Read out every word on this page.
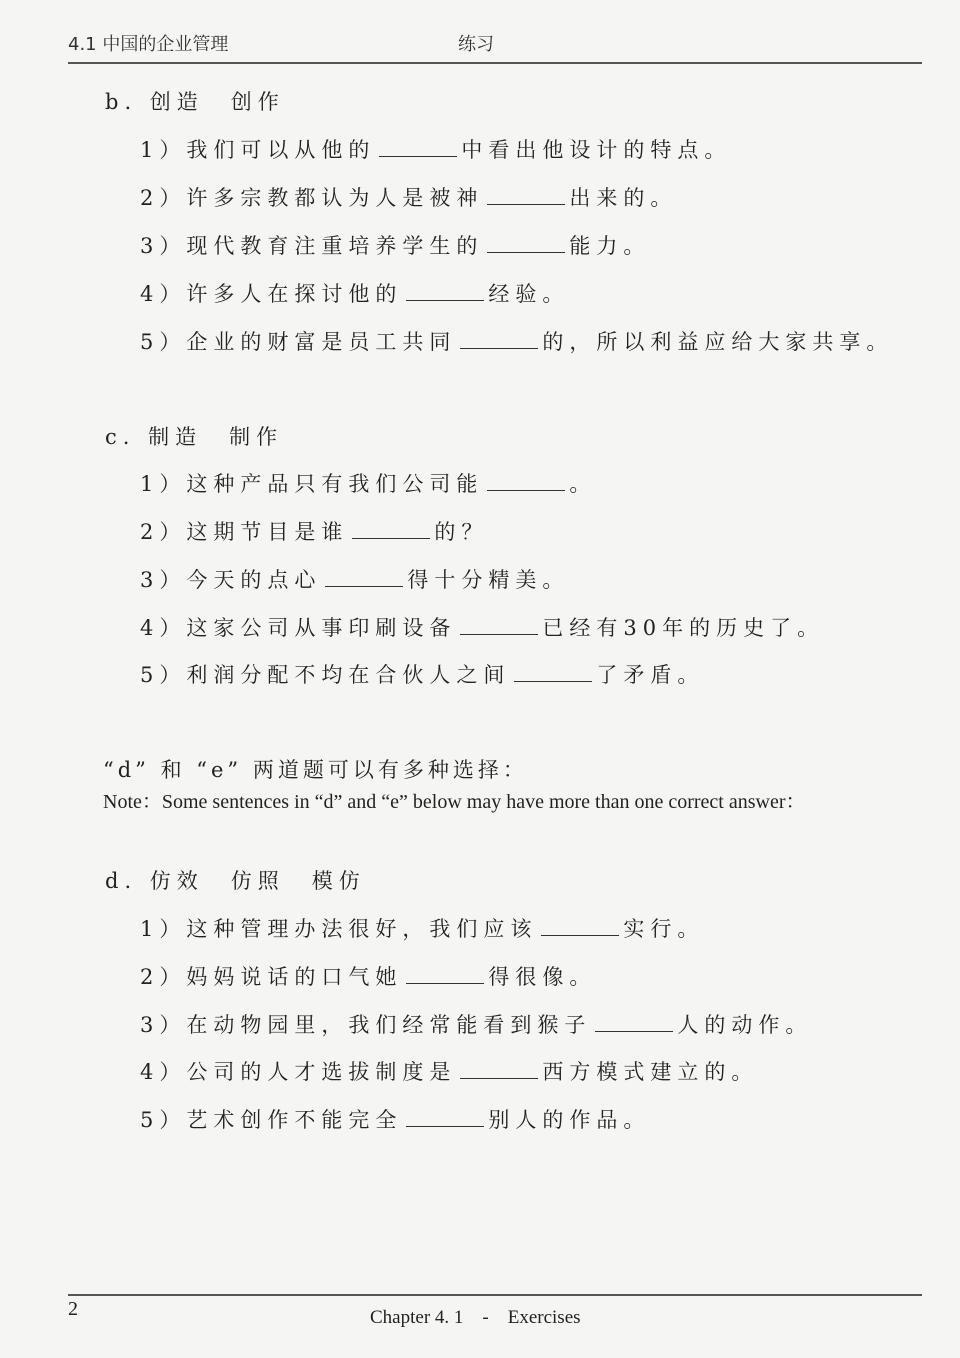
4.1 中国的企业管理	练习
b. 创造　创作
1）我们可以从他的	中看出他设计的特点。
2）许多宗教都认为人是被神	出来的。
3）现代教育注重培养学生的	能力。
4）许多人在探讨他的	经验。
5）企业的财富是员工共同	的，所以利益应给大家共享。
c. 制造　制作
1）这种产品只有我们公司能	。
2）这期节目是谁	的？
3）今天的点心	得十分精美。
4）这家公司从事印刷设备	已经有30年的历史了。
5）利润分配不均在合伙人之间	了矛盾。
“d” 和 “e” 两道题可以有多种选择：
Note：Some sentences in “d” and “e” below may have more than one correct answer：
d. 仿效　仿照　模仿
1）这种管理办法很好，我们应该	实行。
2）妈妈说话的口气她	得很像。
3）在动物园里，我们经常能看到猴子	人的动作。
4）公司的人才选拔制度是	西方模式建立的。
5）艺术创作不能完全	别人的作品。
2	Chapter 4. 1　-　Exercises
